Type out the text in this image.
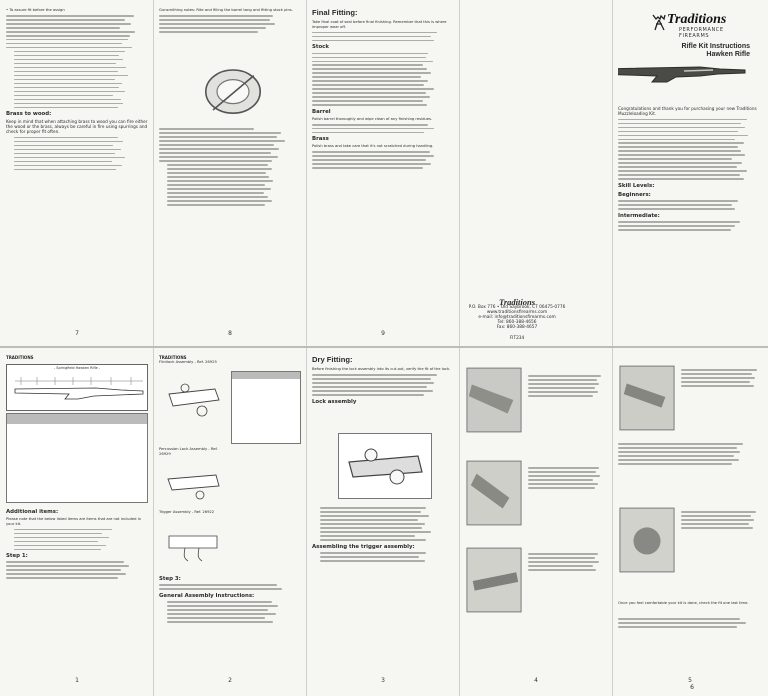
• To assure fit before the assign
Brass to wood:
Keep in mind that when attaching brass to wood you can fire either the wood or the brass, always be careful in fire using spurrings and check for proper fit often.
7
Gunsmithing notes: Rite and filling the barrel tang and fitting stock pins.
8
Final Fitting:
Take final coat of seal before final finishing. Remember that this is where improper wear off.
Stock
Barrel
Polish barrel thoroughly and wipe clean of any finishing residues.
Brass
Polish brass and take care that it's not scratched during handling.
9
Traditions
P.O. Box 776 • Old Saybrook, CT 06475-0776
www.traditionsfirearms.com
e-mail: info@traditionsfirearms.com
Tel: 860-388-4656
Fax: 860-388-4657
FIT234
Traditions
PERFORMANCE FIREARMS
Rifle Kit Instructions
Hawken Rifle
Congratulations and thank you for purchasing your new Traditions Muzzleloading Kit.
Skill Levels:
Beginners:
Intermediate:
TRADITIONS
- Springfield Hawken Rifle -
Additional items:
Please note that the below listed items are items that are not included in your kit.
Step 1:
1
TRADITIONS
Flintlock Assembly - Ref. 26925
Percussion Lock Assembly - Ref. 26929
Trigger Assembly - Ref. 26922
Step 3:
General Assembly Instructions:
2
Dry Fitting:
Before finishing the lock assembly into its cut-out, verify the fit of the lock.
Lock assembly
Assembling the trigger assembly:
3	4
Once you feel comfortable your kit is done, check the fit one last time.
5
6
